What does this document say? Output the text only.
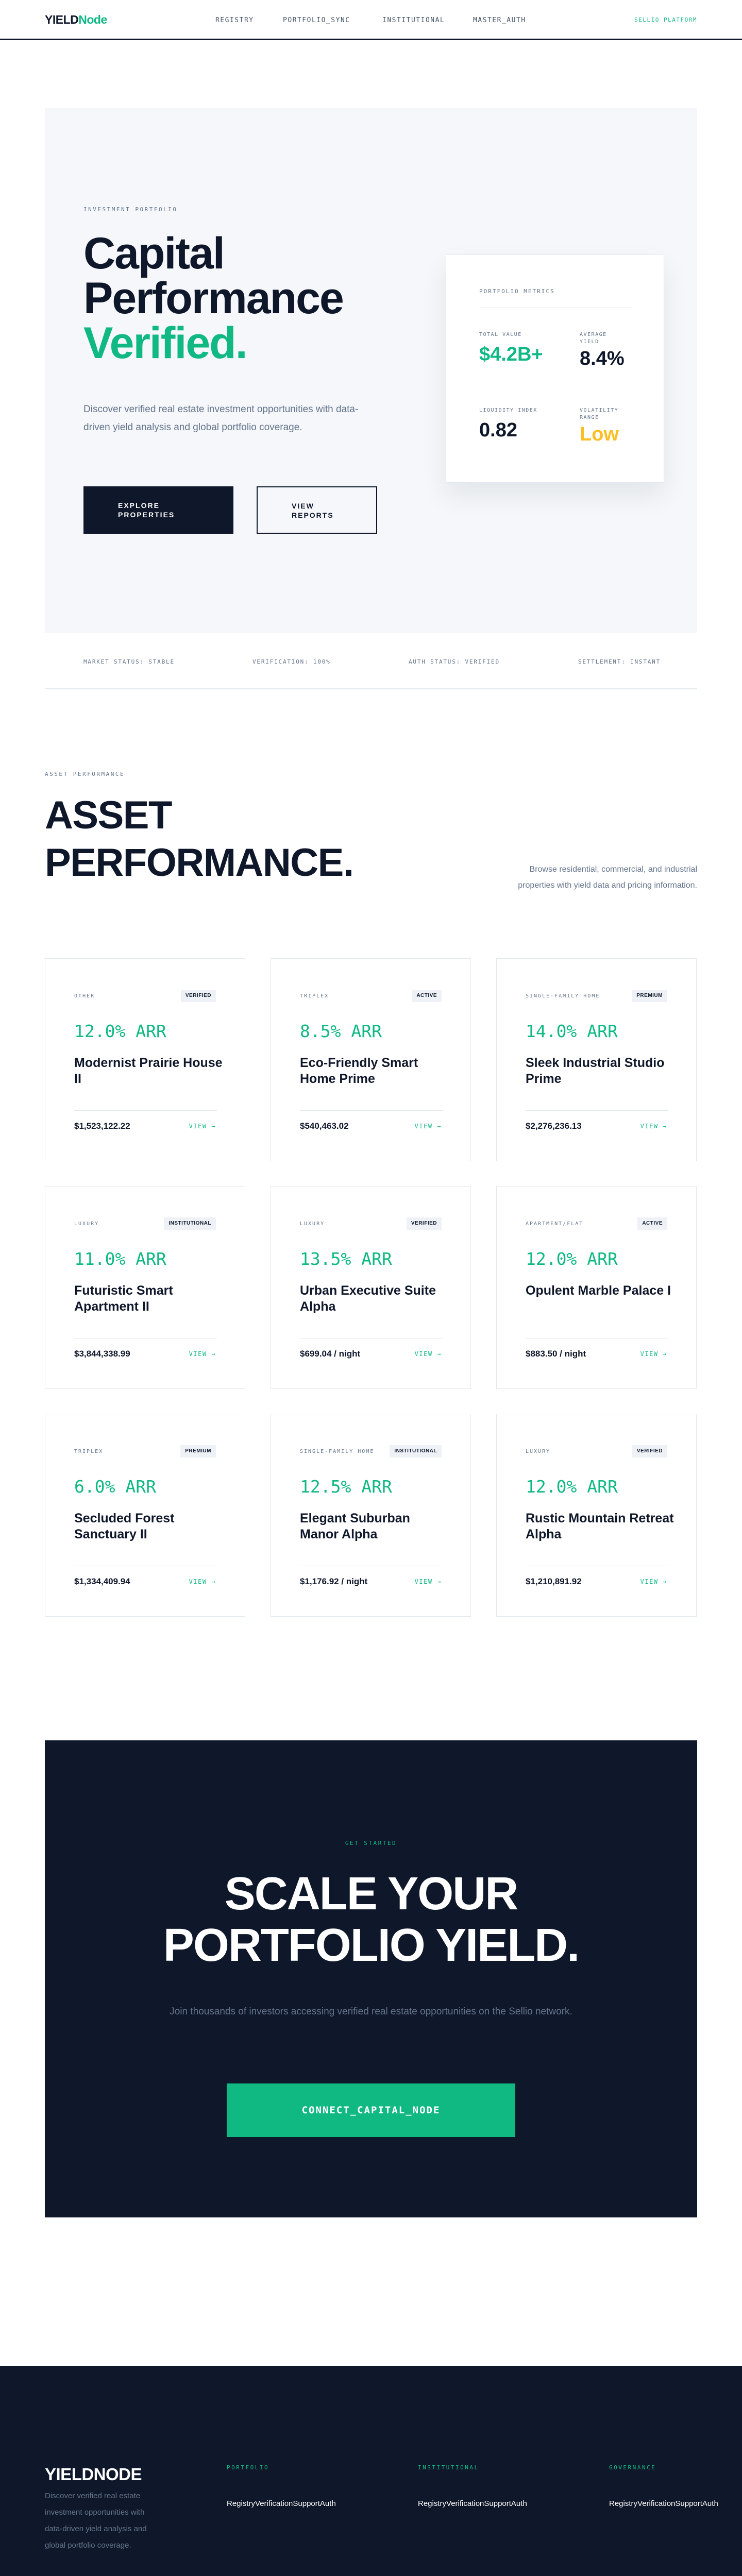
YIELDNode	REGISTRY	PORTFOLIO_SYNC	INSTITUTIONAL	MASTER_AUTH	SELLIO PLATFORM
INVESTMENT PORTFOLIO
Capital
Performance
Verified.

Discover verified real estate investment opportunities with data-driven yield analysis and global portfolio coverage.

EXPLORE
PROPERTIES
VIEW
REPORTS
PORTFOLIO METRICS
TOTAL VALUE
$4.2B+
AVERAGE
YIELD
8.4%
LIQUIDITY INDEX
0.82
VOLATILITY
RANGE
Low
MARKET STATUS: STABLE	VERIFICATION: 100%	AUTH STATUS: VERIFIED	SETTLEMENT: INSTANT
ASSET PERFORMANCE
ASSET
PERFORMANCE.	Browse residential, commercial, and industrial properties with yield data and pricing information.

OTHER	VERIFIED
12.0% ARR
Modernist Prairie House II
$1,523,122.22	VIEW →
TRIPLEX	ACTIVE
8.5% ARR
Eco-Friendly Smart Home Prime
$540,463.02	VIEW →
SINGLE-FAMILY HOME	PREMIUM
14.0% ARR
Sleek Industrial Studio Prime
$2,276,236.13	VIEW →
LUXURY	INSTITUTIONAL
11.0% ARR
Futuristic Smart Apartment II
$3,844,338.99	VIEW →
LUXURY	VERIFIED
13.5% ARR
Urban Executive Suite Alpha
$699.04 / night	VIEW →
APARTMENT/FLAT	ACTIVE
12.0% ARR
Opulent Marble Palace I
$883.50 / night	VIEW →
TRIPLEX	PREMIUM
6.0% ARR
Secluded Forest Sanctuary II
$1,334,409.94	VIEW →
SINGLE-FAMILY HOME	INSTITUTIONAL
12.5% ARR
Elegant Suburban Manor Alpha
$1,176.92 / night	VIEW →
LUXURY	VERIFIED
12.0% ARR
Rustic Mountain Retreat Alpha
$1,210,891.92	VIEW →
GET STARTED
SCALE YOUR
PORTFOLIO YIELD.

Join thousands of investors accessing verified real estate opportunities on the Sellio network.

CONNECT_CAPITAL_NODE
YIELDNODE

Discover verified real estate investment opportunities with data-driven yield analysis and global portfolio coverage.

PORTFOLIO
RegistryVerificationSupportAuth
INSTITUTIONAL
RegistryVerificationSupportAuth
GOVERNANCE
RegistryVerificationSupportAuth
